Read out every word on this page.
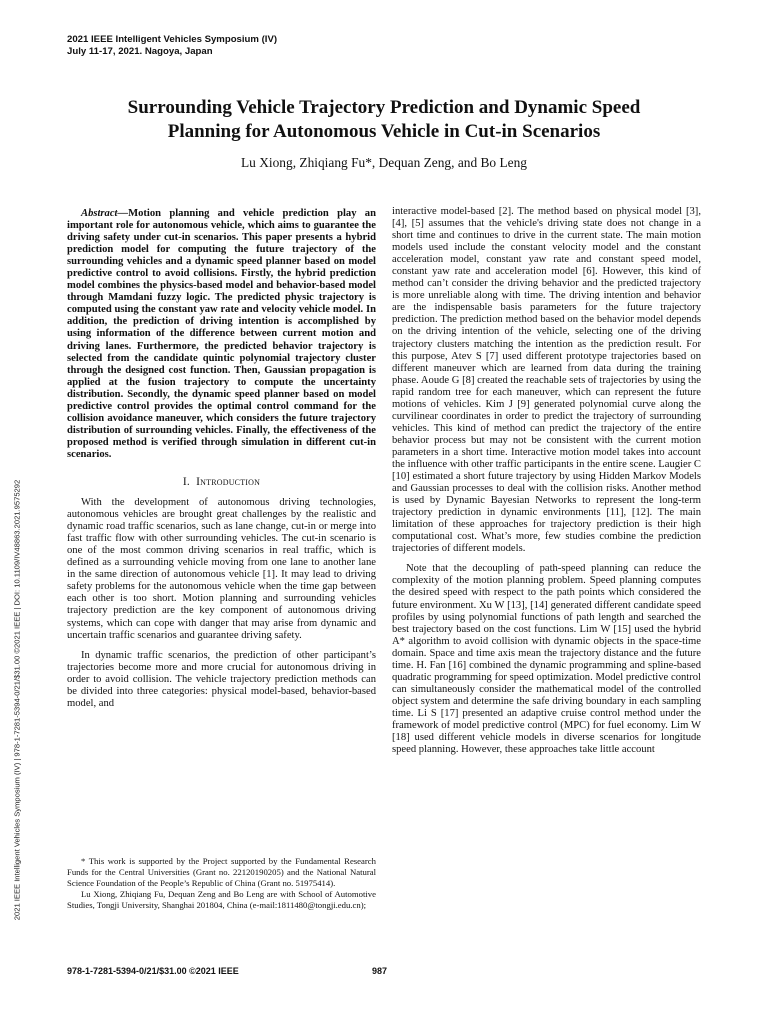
2021 IEEE Intelligent Vehicles Symposium (IV)
July 11-17, 2021. Nagoya, Japan
Surrounding Vehicle Trajectory Prediction and Dynamic Speed
Planning for Autonomous Vehicle in Cut-in Scenarios
Lu Xiong, Zhiqiang Fu*, Dequan Zeng, and Bo Leng

Abstract—Motion planning and vehicle prediction play an important role for autonomous vehicle, which aims to guarantee the driving safety under cut-in scenarios. This paper presents a hybrid prediction model for computing the future trajectory of the surrounding vehicles and a dynamic speed planner based on model predictive control to avoid collisions. Firstly, the hybrid prediction model combines the physics-based model and behavior-based model through Mamdani fuzzy logic. The predicted physic trajectory is computed using the constant yaw rate and velocity vehicle model. In addition, the prediction of driving intention is accomplished by using information of the difference between current motion and driving lanes. Furthermore, the predicted behavior trajectory is selected from the candidate quintic polynomial trajectory cluster through the designed cost function. Then, Gaussian propagation is applied at the fusion trajectory to compute the uncertainty distribution. Secondly, the dynamic speed planner based on model predictive control provides the optimal control command for the collision avoidance maneuver, which considers the future trajectory distribution of surrounding vehicles. Finally, the effectiveness of the proposed method is verified through simulation in different cut-in scenarios.

I. Introduction

With the development of autonomous driving technologies, autonomous vehicles are brought great challenges by the realistic and dynamic road traffic scenarios, such as lane change, cut-in or merge into fast traffic flow with other surrounding vehicles. The cut-in scenario is one of the most common driving scenarios in real traffic, which is defined as a surrounding vehicle moving from one lane to another lane in the same direction of autonomous vehicle [1]. It may lead to driving safety problems for the autonomous vehicle when the time gap between each other is too short. Motion planning and surrounding vehicles trajectory prediction are the key component of autonomous driving systems, which can cope with danger that may arise from dynamic and uncertain traffic scenarios and guarantee driving safety.

In dynamic traffic scenarios, the prediction of other participant’s trajectories become more and more crucial for autonomous driving in order to avoid collision. The vehicle trajectory prediction methods can be divided into three categories: physical model-based, behavior-based model, and

* This work is supported by the Project supported by the Fundamental Research Funds for the Central Universities (Grant no. 22120190205) and the National Natural Science Foundation of the People’s Republic of China (Grant no. 51975414).

Lu Xiong, Zhiqiang Fu, Dequan Zeng and Bo Leng are with School of Automotive Studies, Tongji University, Shanghai 201804, China (e-mail:1811480@tongji.edu.cn);

interactive model-based [2]. The method based on physical model [3], [4], [5] assumes that the vehicle's driving state does not change in a short time and continues to drive in the current state. The main motion models used include the constant velocity model and the constant acceleration model, constant yaw rate and constant speed model, constant yaw rate and acceleration model [6]. However, this kind of method can’t consider the driving behavior and the predicted trajectory is more unreliable along with time. The driving intention and behavior are the indispensable basis parameters for the future trajectory prediction. The prediction method based on the behavior model depends on the driving intention of the vehicle, selecting one of the driving trajectory clusters matching the intention as the prediction result. For this purpose, Atev S [7] used different prototype trajectories based on different maneuver which are learned from data during the training phase. Aoude G [8] created the reachable sets of trajectories by using the rapid random tree for each maneuver, which can represent the future motions of vehicles. Kim J [9] generated polynomial curve along the curvilinear coordinates in order to predict the trajectory of surrounding vehicles. This kind of method can predict the trajectory of the entire behavior process but may not be consistent with the current motion parameters in a short time. Interactive motion model takes into account the influence with other traffic participants in the entire scene. Laugier C [10] estimated a short future trajectory by using Hidden Markov Models and Gaussian processes to deal with the collision risks. Another method is used by Dynamic Bayesian Networks to represent the long-term trajectory prediction in dynamic environments [11], [12]. The main limitation of these approaches for trajectory prediction is their high computational cost. What’s more, few studies combine the prediction trajectories of different models.

Note that the decoupling of path-speed planning can reduce the complexity of the motion planning problem. Speed planning computes the desired speed with respect to the path points which considered the future environment. Xu W [13], [14] generated different candidate speed profiles by using polynomial functions of path length and searched the best trajectory based on the cost functions. Lim W [15] used the hybrid A* algorithm to avoid collision with dynamic objects in the space-time domain. Space and time axis mean the trajectory distance and the future time. H. Fan [16] combined the dynamic programming and spline-based quadratic programming for speed optimization. Model predictive control can simultaneously consider the mathematical model of the controlled object system and determine the safe driving boundary in each sampling time. Li S [17] presented an adaptive cruise control method under the framework of model predictive control (MPC) for fuel economy. Lim W [18] used different vehicle models in diverse scenarios for longitude speed planning. However, these approaches take little account

978-1-7281-5394-0/21/$31.00 ©2021 IEEE	987
2021 IEEE Intelligent Vehicles Symposium (IV) | 978-1-7281-5394-0/21/$31.00 ©2021 IEEE | DOI: 10.1109/IV48863.2021.9575292
